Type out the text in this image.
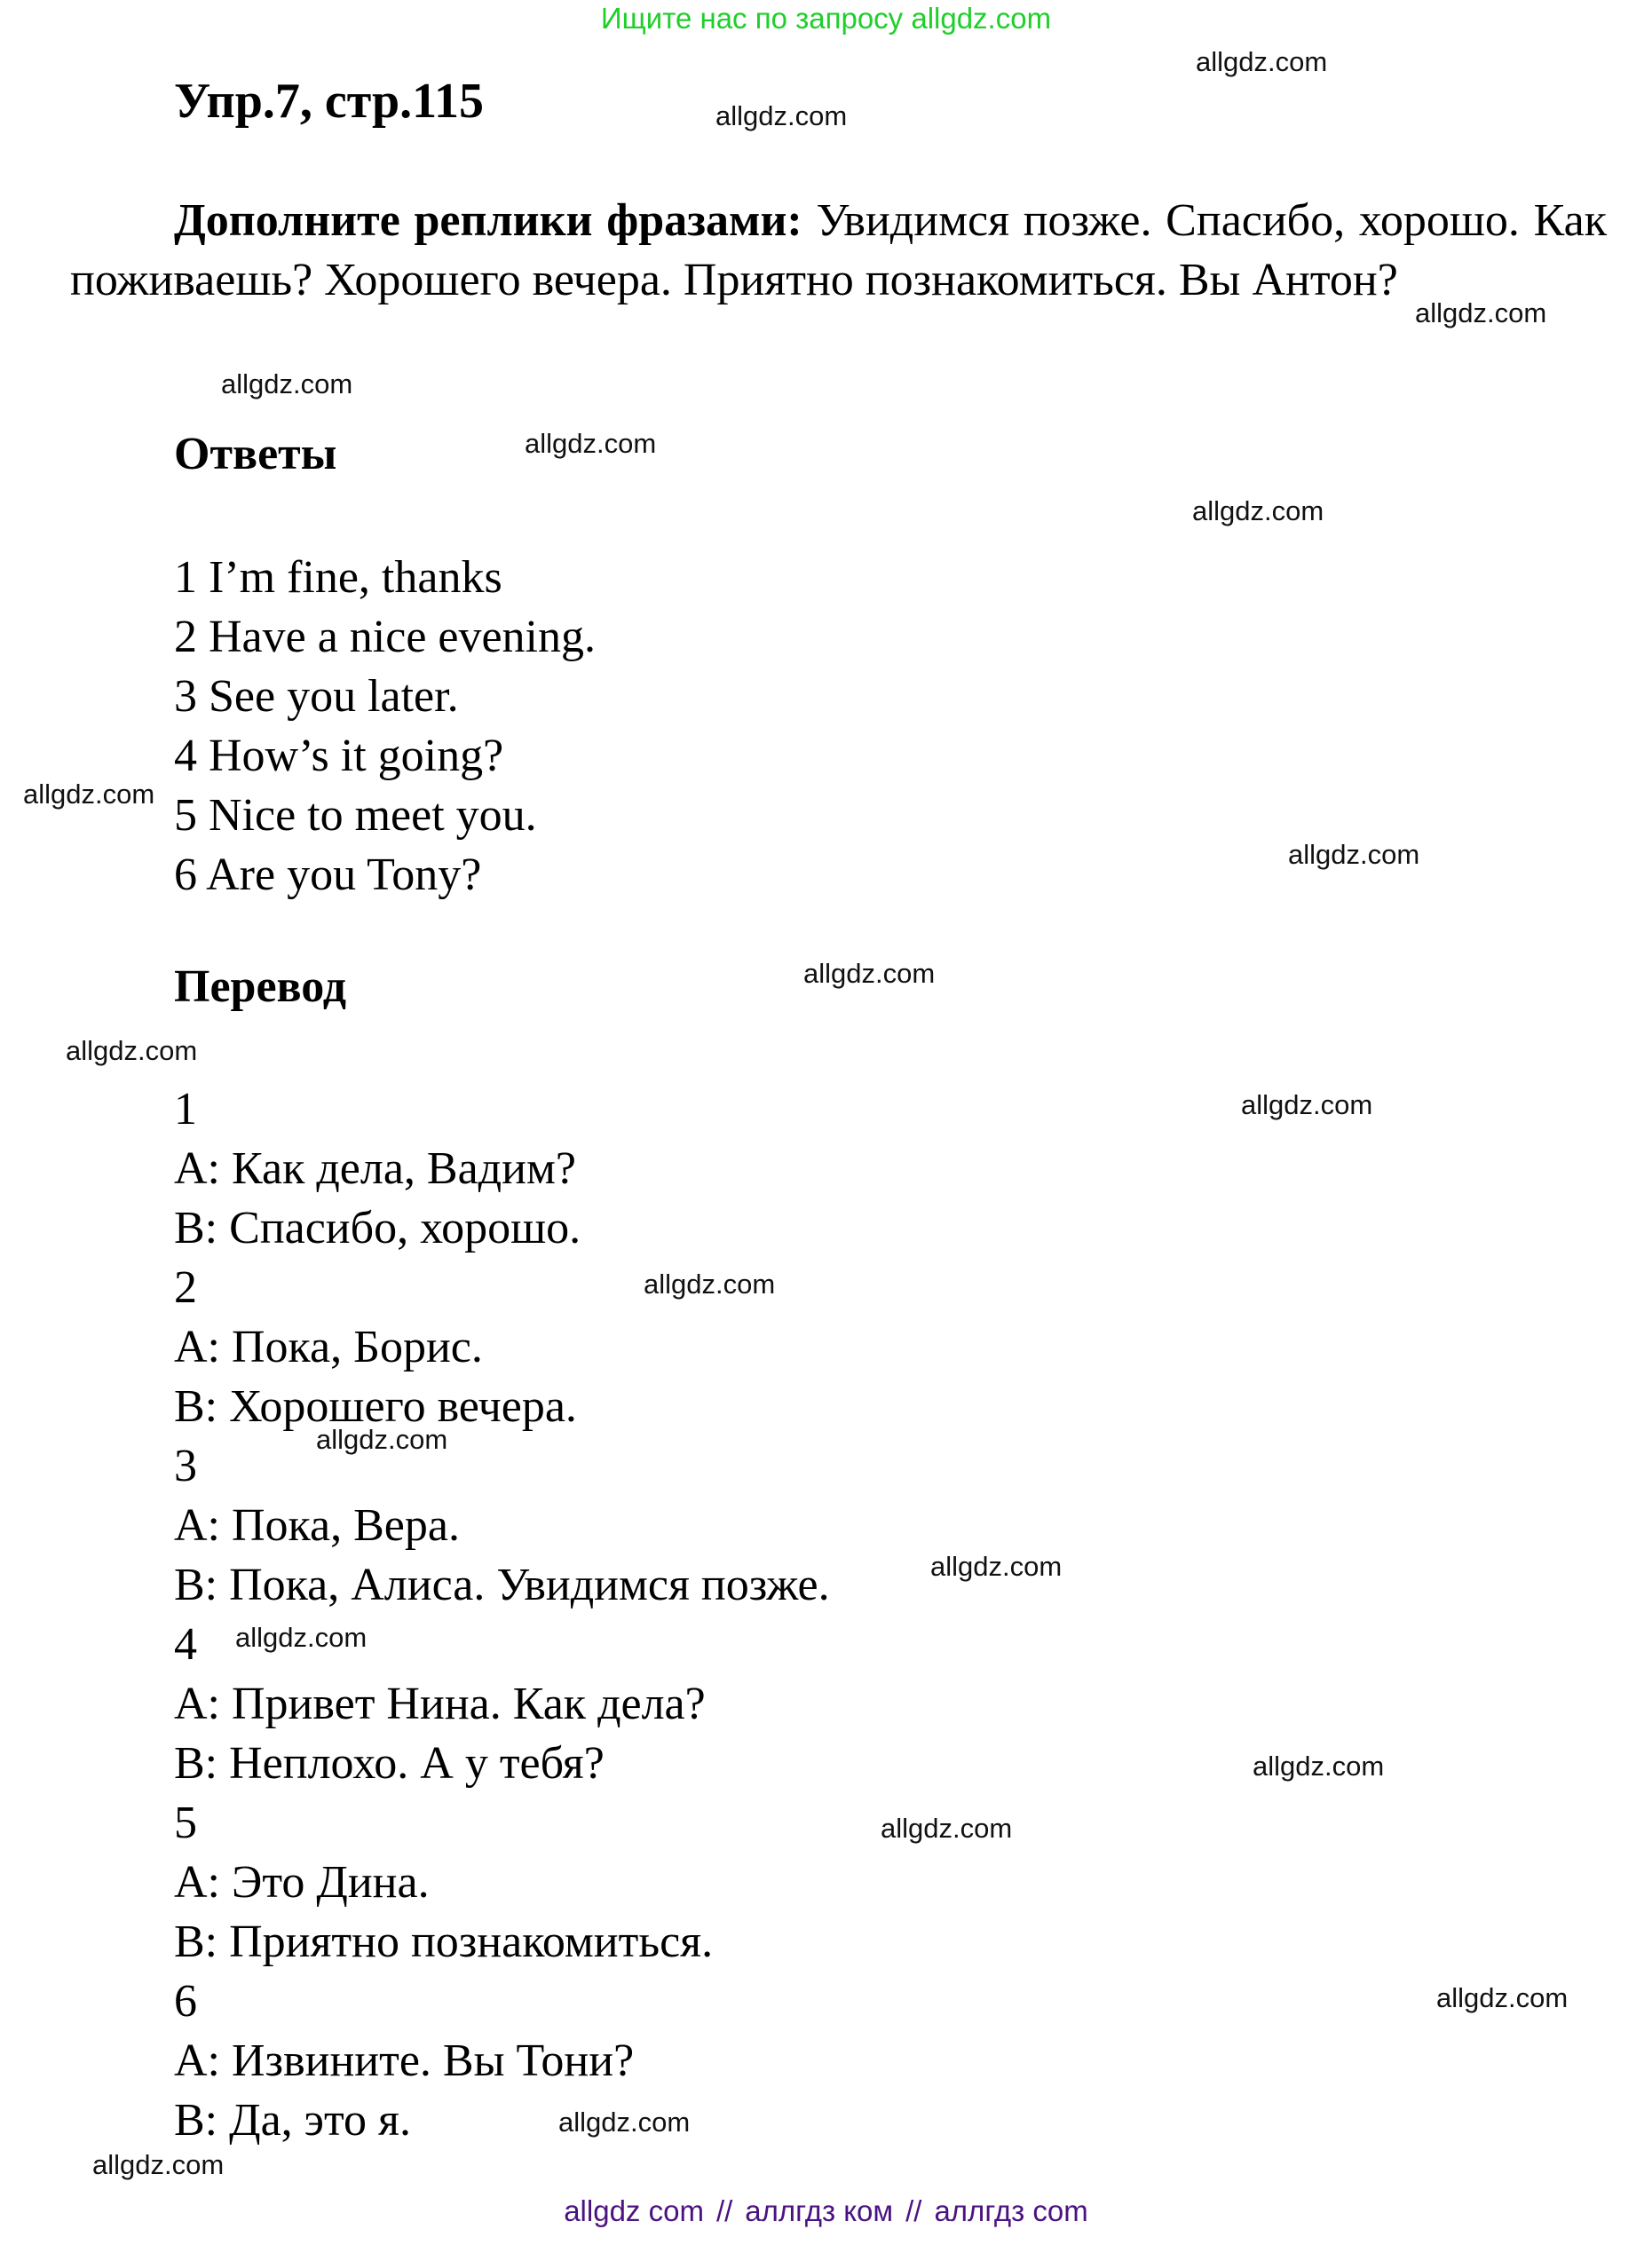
Ищите нас по запросу allgdz.com
Упр.7, стр.115
Дополните реплики фразами: Увидимся позже. Спасибо, хорошо. Как поживаешь? Хорошего вечера. Приятно познакомиться. Вы Антон?
Ответы
1 I’m fine, thanks
2 Have a nice evening.
3 See you later.
4 How’s it going?
5 Nice to meet you.
6 Are you Tony?
Перевод
1
A: Как дела, Вадим?
B: Спасибо, хорошо.
2
A: Пока, Борис.
B: Хорошего вечера.
3
A: Пока, Вера.
B: Пока, Алиса. Увидимся позже.
4
A: Привет Нина. Как дела?
B: Неплохо. А у тебя?
5
A: Это Дина.
B: Приятно познакомиться.
6
A: Извините. Вы Тони?
B: Да, это я.
allgdz.com
allgdz.com
allgdz.com
allgdz.com
allgdz.com
allgdz.com
allgdz.com
allgdz.com
allgdz.com
allgdz.com
allgdz.com
allgdz.com
allgdz.com
allgdz.com
allgdz.com
allgdz.com
allgdz.com
allgdz.com
allgdz.com
allgdz.com
allgdz com // аллгдз ком // аллгдз com
